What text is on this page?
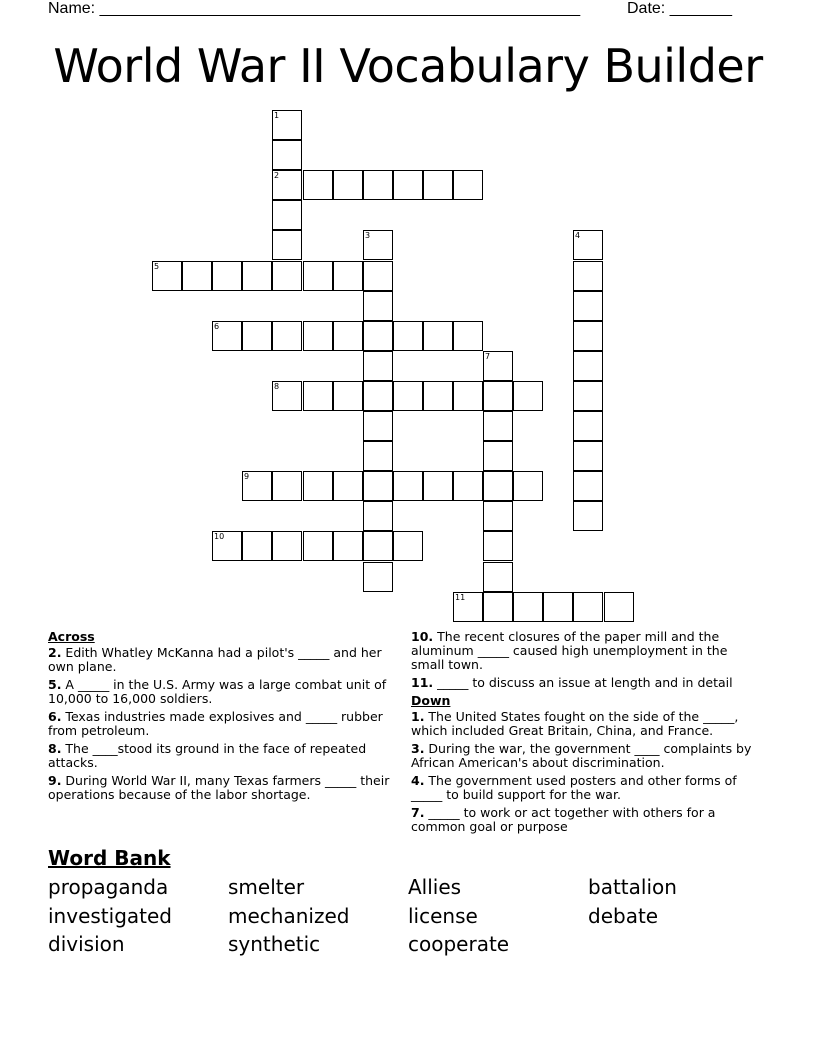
Name: ______________________________________________________	Date: _______
World War II Vocabulary Builder
1
2
3	4
5
6
7
8
9
10
11
Across
2. Edith Whatley McKanna had a pilot's _____ and her own plane.
5. A _____ in the U.S. Army was a large combat unit of 10,000 to 16,000 soldiers.
6. Texas industries made explosives and _____ rubber from petroleum.
8. The ____stood its ground in the face of repeated attacks.
9. During World War II, many Texas farmers _____ their operations because of the labor shortage.
10. The recent closures of the paper mill and the aluminum _____ caused high unemployment in the small town.
11. _____ to discuss an issue at length and in detail
Down
1. The United States fought on the side of the _____, which included Great Britain, China, and France.
3. During the war, the government ____ complaints by African American's about discrimination.
4. The government used posters and other forms of _____ to build support for the war.
7. _____ to work or act together with others for a common goal or purpose
Word Bank
propaganda
investigated
division
smelter
mechanized
synthetic
Allies
license
cooperate
battalion
debate
